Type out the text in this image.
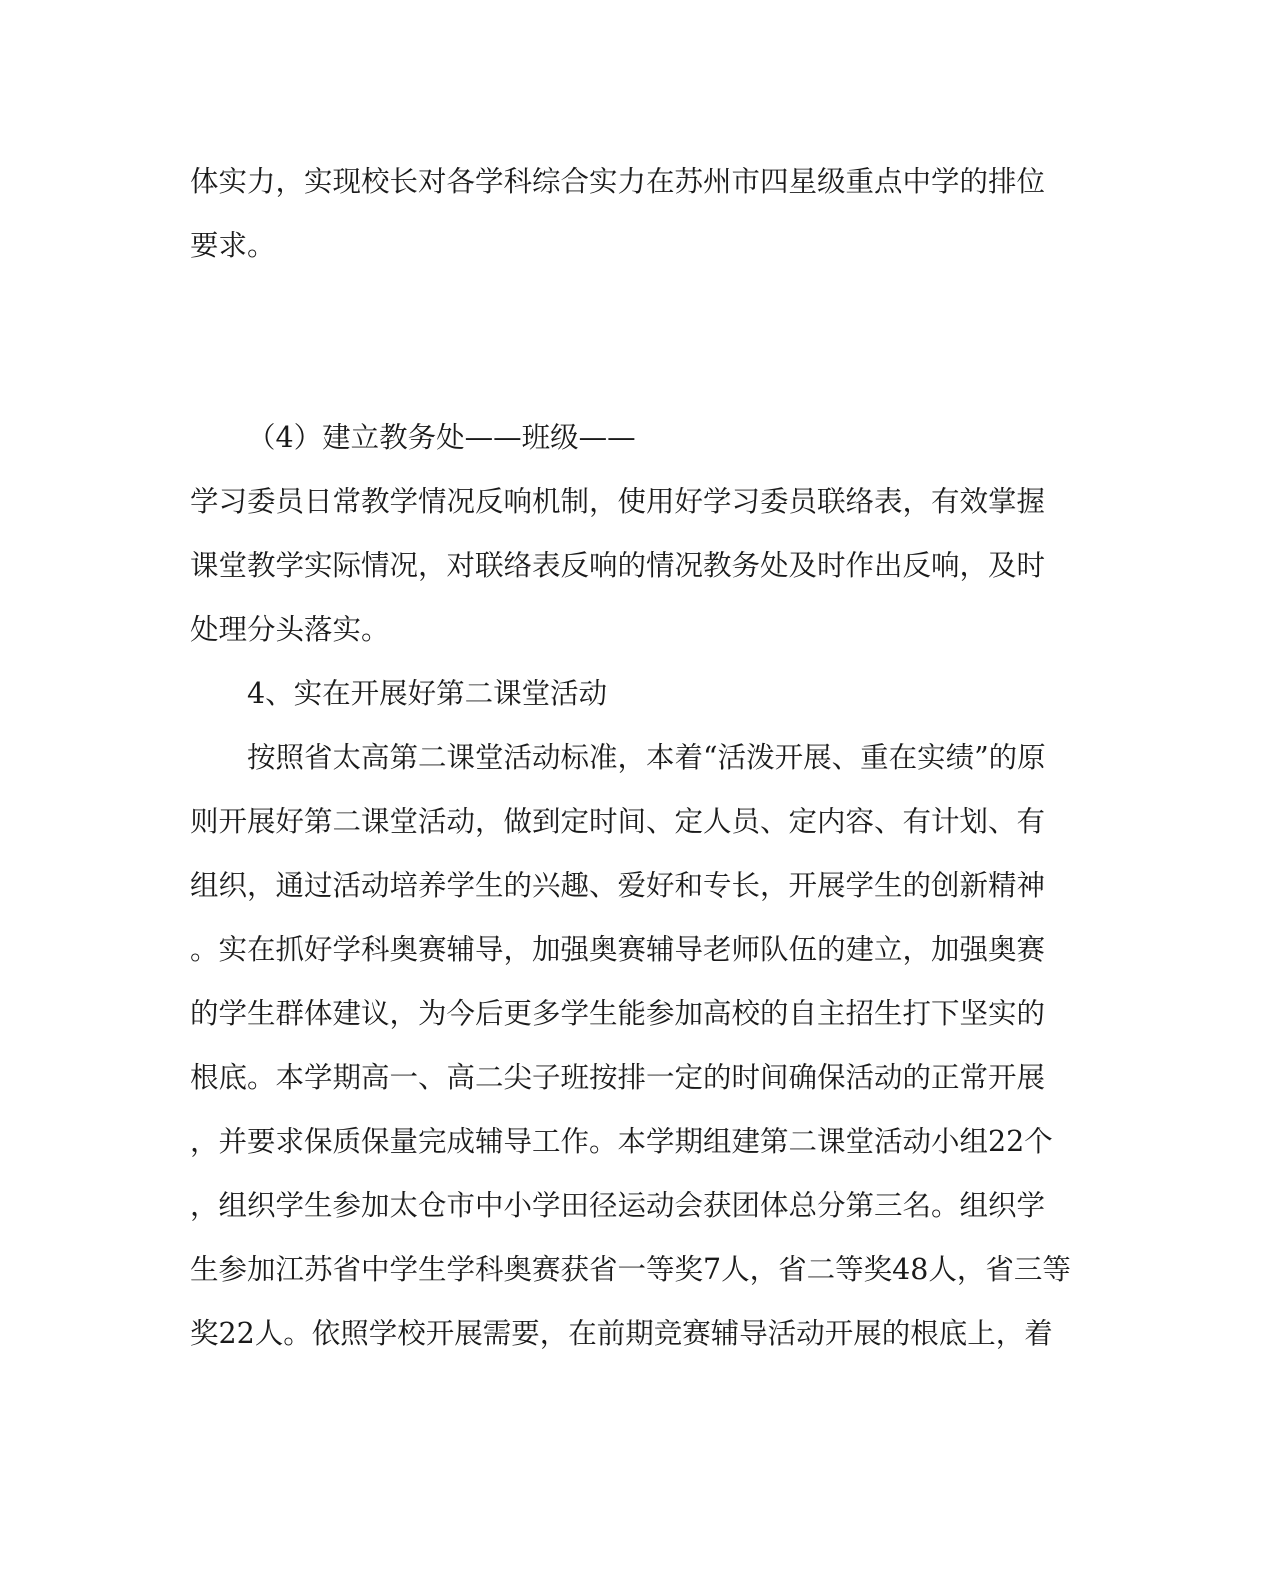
体实力，实现校长对各学科综合实力在苏州市四星级重点中学的排位

要求。

（4）建立教务处——班级——

学习委员日常教学情况反响机制，使用好学习委员联络表，有效掌握

课堂教学实际情况，对联络表反响的情况教务处及时作出反响，及时

处理分头落实。

4、实在开展好第二课堂活动

按照省太高第二课堂活动标准，本着“活泼开展、重在实绩”的原

则开展好第二课堂活动，做到定时间、定人员、定内容、有计划、有

组织，通过活动培养学生的兴趣、爱好和专长，开展学生的创新精神

。实在抓好学科奥赛辅导，加强奥赛辅导老师队伍的建立，加强奥赛

的学生群体建议，为今后更多学生能参加高校的自主招生打下坚实的

根底。本学期高一、高二尖子班按排一定的时间确保活动的正常开展

，并要求保质保量完成辅导工作。本学期组建第二课堂活动小组22个

，组织学生参加太仓市中小学田径运动会获团体总分第三名。组织学

生参加江苏省中学生学科奥赛获省一等奖7人，省二等奖48人，省三等

奖22人。依照学校开展需要，在前期竞赛辅导活动开展的根底上，着
